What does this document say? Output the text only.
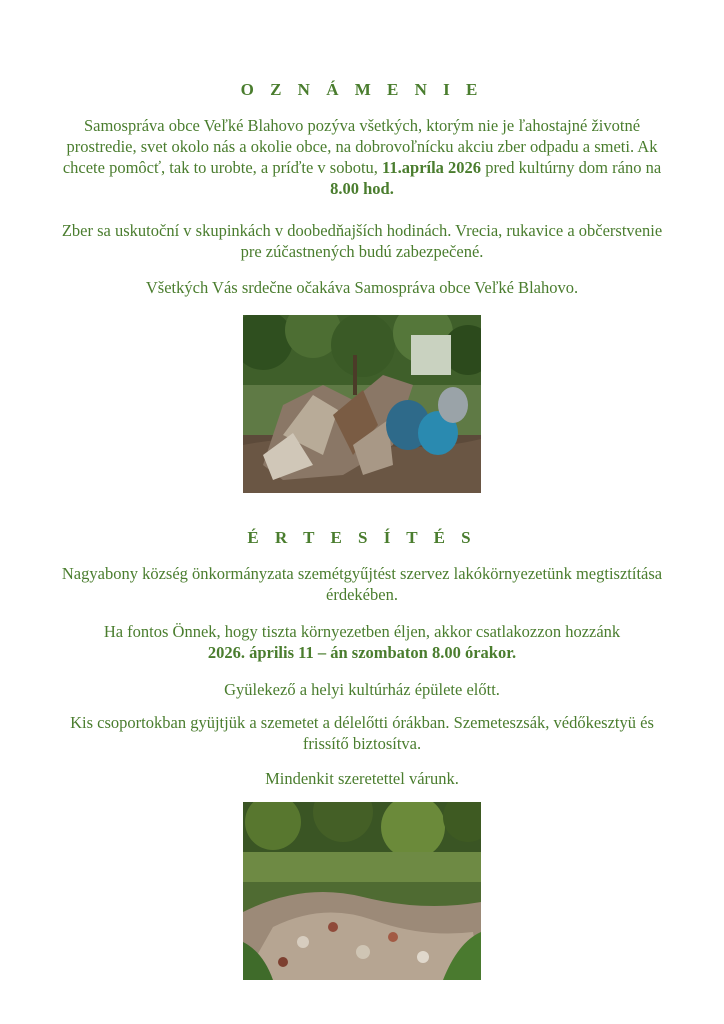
O Z N Á M E N I E
Samospráva obce Veľké Blahovo pozýva všetkých, ktorým nie je ľahostajné životné prostredie, svet okolo nás a okolie obce, na dobrovoľnícku akciu zber odpadu a smeti. Ak chcete pomôcť, tak to urobte, a príďte v sobotu, 11.apríla 2026 pred kultúrny dom ráno na 8.00 hod.
Zber sa uskutoční v skupinkách v doobedňajších hodinách. Vrecia, rukavice a občerstvenie pre zúčastnených budú zabezpečené.
Všetkých Vás srdečne očakáva Samospráva obce Veľké Blahovo.
É R T E S Í T É S
Nagyabony község önkormányzata szemétgyűjtést szervez lakókörnyezetünk megtisztítása érdekében.
Ha fontos Önnek, hogy tiszta környezetben éljen, akkor csatlakozzon hozzánk
2026. április 11 – án szombaton 8.00 órakor.
Gyülekező a helyi kultúrház épülete előtt.
Kis csoportokban gyüjtjük a szemetet a délelőtti órákban. Szemeteszsák, védőkesztyü és frissítő biztosítva.
Mindenkit szeretettel várunk.
